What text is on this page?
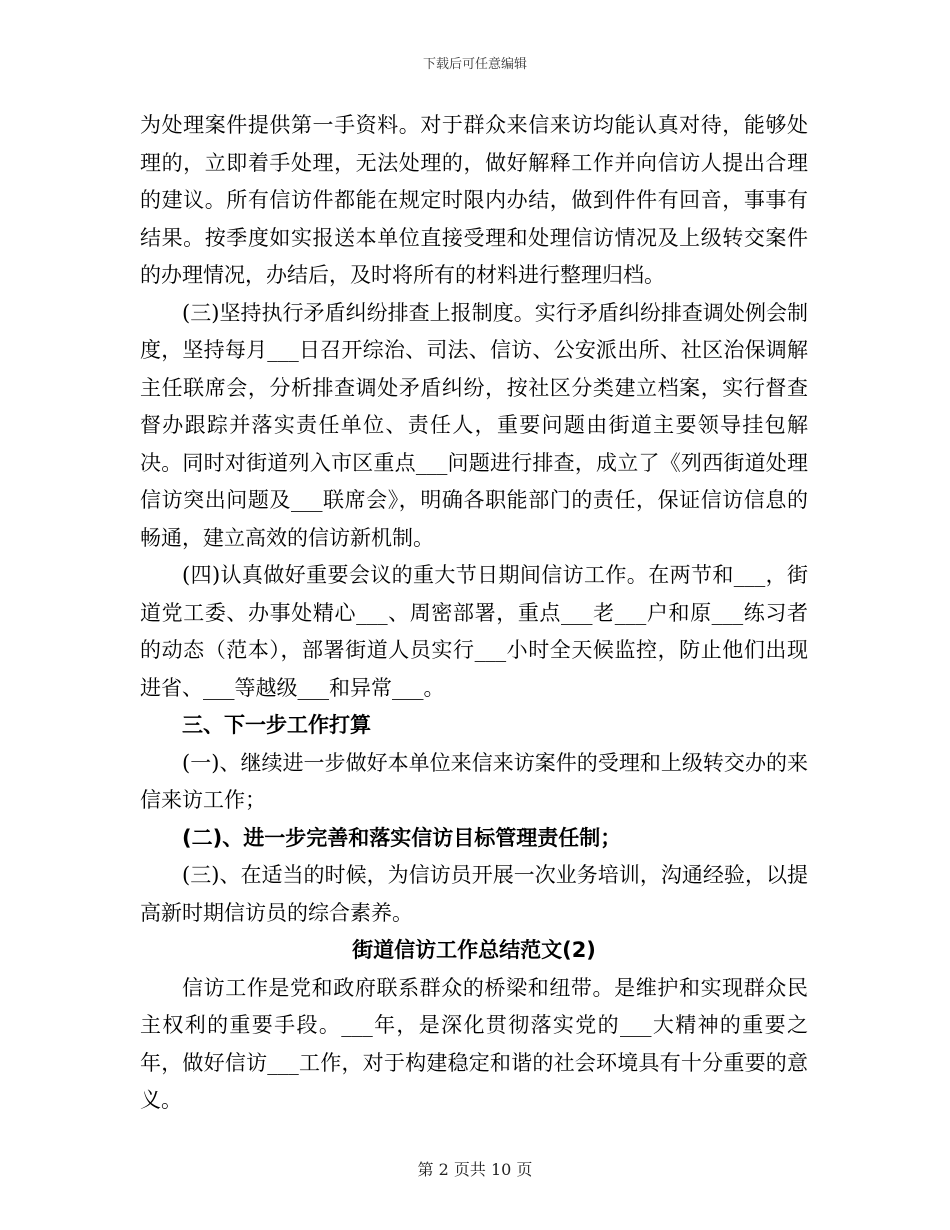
下载后可任意编辑

为处理案件提供第一手资料。对于群众来信来访均能认真对待，能够处理的，立即着手处理，无法处理的，做好解释工作并向信访人提出合理的建议。所有信访件都能在规定时限内办结，做到件件有回音，事事有结果。按季度如实报送本单位直接受理和处理信访情况及上级转交案件的办理情况，办结后，及时将所有的材料进行整理归档。

(三)坚持执行矛盾纠纷排查上报制度。实行矛盾纠纷排查调处例会制度，坚持每月___日召开综治、司法、信访、公安派出所、社区治保调解主任联席会，分析排查调处矛盾纠纷，按社区分类建立档案，实行督查督办跟踪并落实责任单位、责任人，重要问题由街道主要领导挂包解决。同时对街道列入市区重点___问题进行排查，成立了《列西街道处理信访突出问题及___联席会》，明确各职能部门的责任，保证信访信息的畅通，建立高效的信访新机制。

(四)认真做好重要会议的重大节日期间信访工作。在两节和___，街道党工委、办事处精心___、周密部署，重点___老___户和原___练习者的动态（范本），部署街道人员实行___小时全天候监控，防止他们出现进省、___等越级___和异常___。

三、下一步工作打算

(一)、继续进一步做好本单位来信来访案件的受理和上级转交办的来信来访工作；

(二)、进一步完善和落实信访目标管理责任制；

(三)、在适当的时候，为信访员开展一次业务培训，沟通经验，以提高新时期信访员的综合素养。

街道信访工作总结范文(2)

信访工作是党和政府联系群众的桥梁和纽带。是维护和实现群众民主权利的重要手段。___年，是深化贯彻落实党的___大精神的重要之年，做好信访___工作，对于构建稳定和谐的社会环境具有十分重要的意义。

第 2 页共 10 页
